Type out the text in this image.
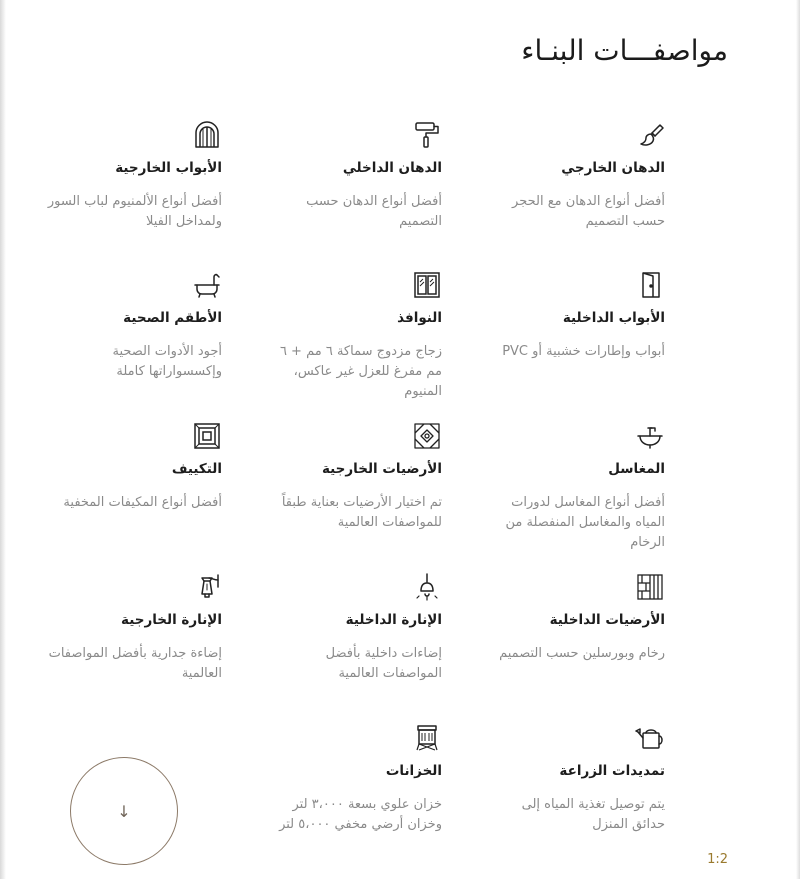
مواصفـــات البنـاء
الدهان الخارجي
أفضل أنواع الدهان مع الحجر حسب التصميم
الدهان الداخلي
أفضل أنواع الدهان حسب التصميم
الأبواب الخارجية
أفضل أنواع الألمنيوم لباب السور ولمداخل الفيلا
الأبواب الداخلية
أبواب وإطارات خشبية أو PVC
النوافذ
زجاج مزدوج سماكة ٦ مم + ٦ مم مفرغ للعزل غير عاكس، المنيوم
الأطقم الصحية
أجود الأدوات الصحية وإكسسواراتها كاملة
المغاسل
أفضل أنواع المغاسل لدورات المياه والمغاسل المنفصلة من الرخام
الأرضيات الخارجية
تم اختيار الأرضيات بعناية طبقاً للمواصفات العالمية
التكييف
أفضل أنواع المكيفات المخفية
الأرضيات الداخلية
رخام وبورسلين حسب التصميم
الإنارة الداخلية
إضاءات داخلية بأفضل المواصفات العالمية
الإنارة الخارجية
إضاءة جدارية بأفضل المواصفات العالمية
تمديدات الزراعة
يتم توصيل تغذية المياه إلى حدائق المنزل
الخزانات
خزان علوي بسعة ٣،٠٠٠ لتر وخزان أرضي مخفي ٥،٠٠٠ لتر
↓
1:2
